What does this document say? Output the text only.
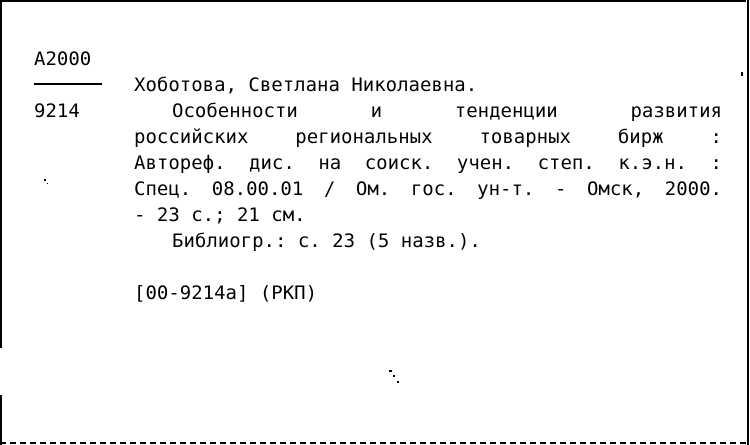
А2000
9214
Хоботова, Светлана Николаевна.
Особенности	и	тенденции	развития
российских региональных товарных бирж :
Автореф. дис. на соиск. учен. степ. к.э.н. :
Спец. 08.00.01 / Ом. гос. ун-т. - Омск, 2000.
- 23 с.; 21 см.
Библиогр.: с. 23 (5 назв.).
[00-9214а] (РКП)
